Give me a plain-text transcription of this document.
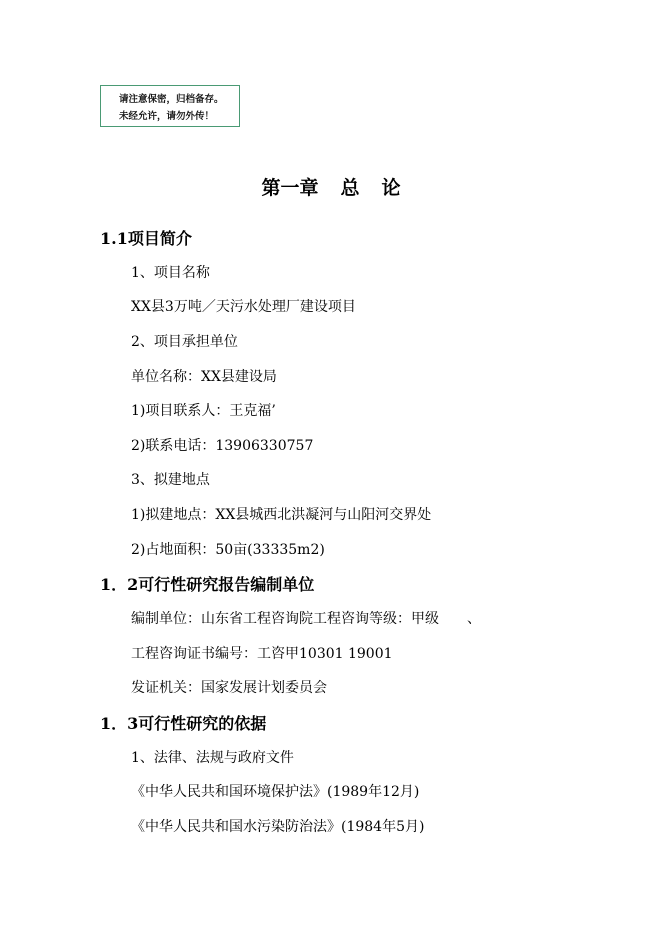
请注意保密，归档备存。
未经允许，请勿外传！
第一章 总 论
1.1项目简介
1、项目名称
XX县3万吨／天污水处理厂建设项目
2、项目承担单位
单位名称：XX县建设局
1)项目联系人：王克福’
2)联系电话：13906330757
3、拟建地点
1)拟建地点：XX县城西北洪凝河与山阳河交界处
2)占地面积：50亩(33335m2)
1．2可行性研究报告编制单位
编制单位：山东省工程咨询院工程咨询等级：甲级　　、
工程咨询证书编号：工咨甲10301 19001
发证机关：国家发展计划委员会
1．3可行性研究的依据
1、法律、法规与政府文件
《中华人民共和国环境保护法》(1989年12月)
《中华人民共和国水污染防治法》(1984年5月)
